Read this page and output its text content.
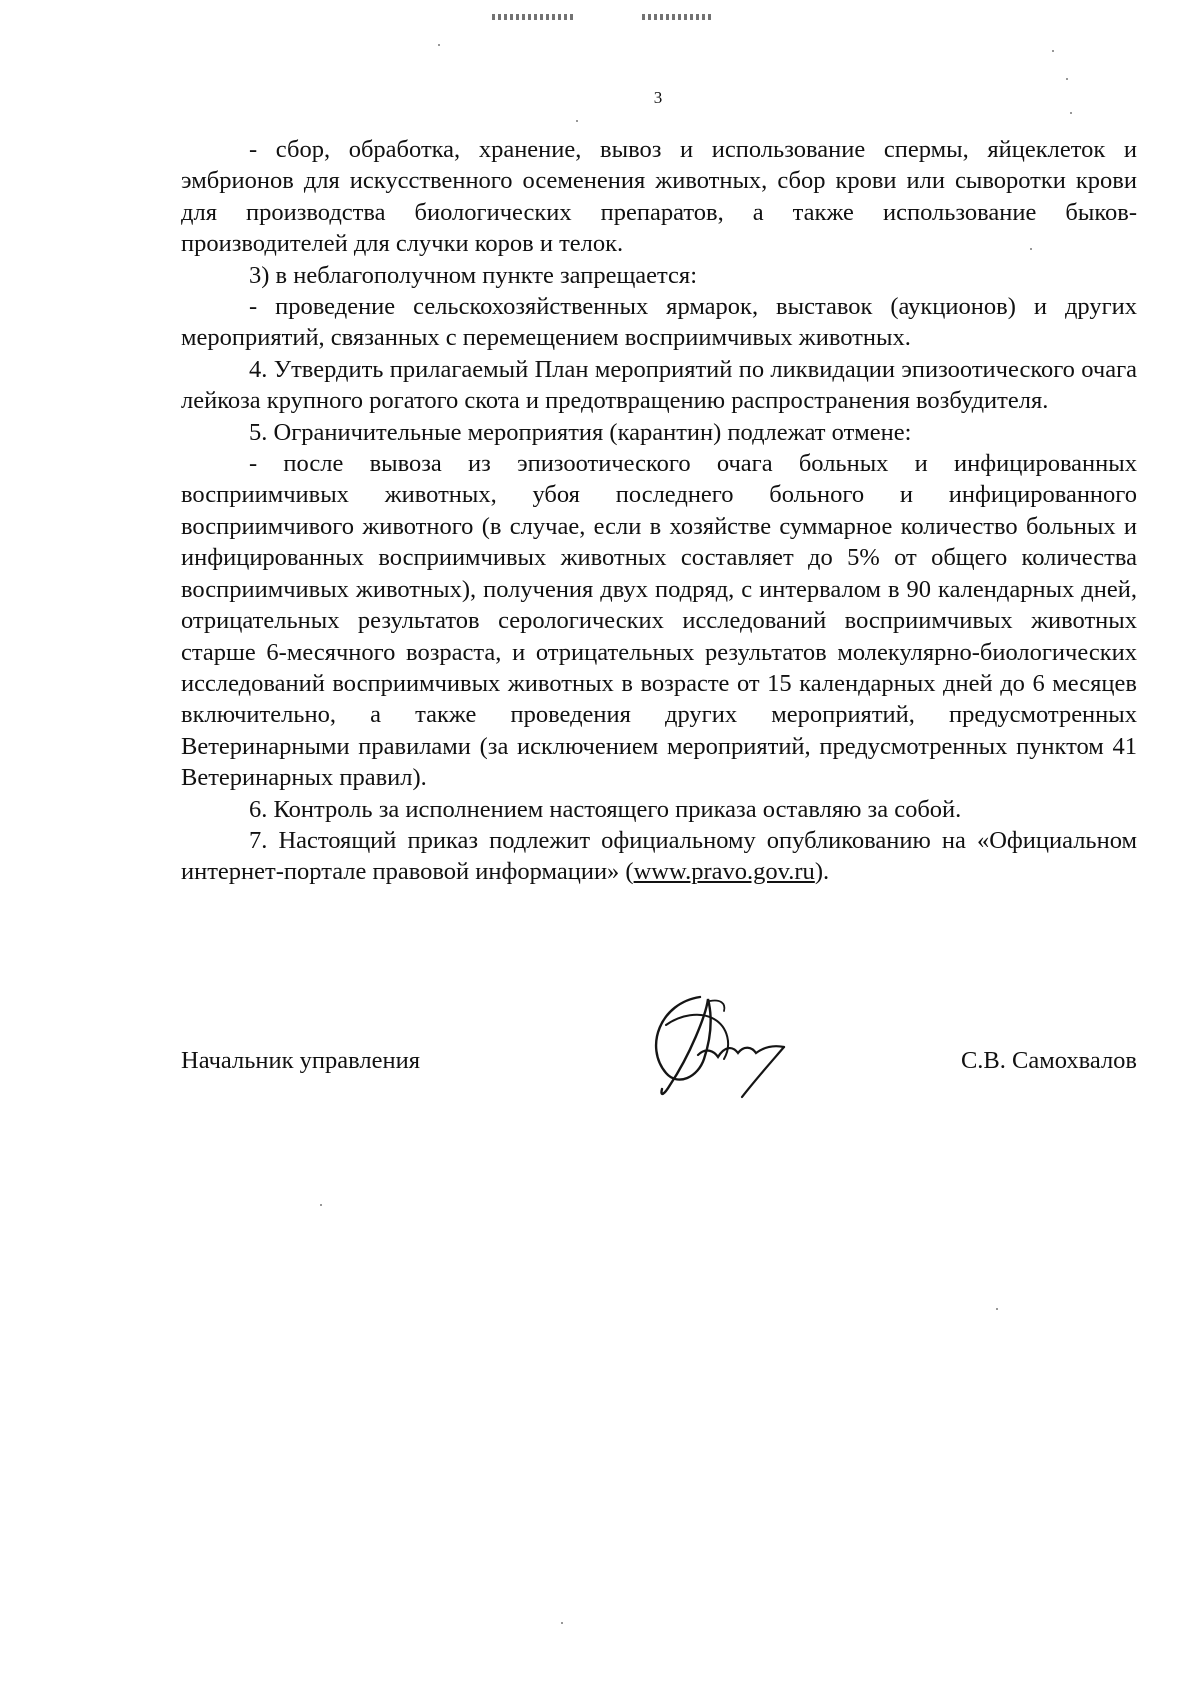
3

- сбор, обработка, хранение, вывоз и использование спермы, яйцеклеток и эмбрионов для искусственного осеменения животных, сбор крови или сыворотки крови для производства биологических препаратов, а также использование быков-производителей для случки коров и телок.

3) в неблагополучном пункте запрещается:

- проведение сельскохозяйственных ярмарок, выставок (аукционов) и других мероприятий, связанных с перемещением восприимчивых животных.

4. Утвердить прилагаемый План мероприятий по ликвидации эпизоотического очага лейкоза крупного рогатого скота и предотвращению распространения возбудителя.

5. Ограничительные мероприятия (карантин) подлежат отмене:

- после вывоза из эпизоотического очага больных и инфицированных восприимчивых животных, убоя последнего больного и инфицированного восприимчивого животного (в случае, если в хозяйстве суммарное количество больных и инфицированных восприимчивых животных составляет до 5% от общего количества восприимчивых животных), получения двух подряд, с интервалом в 90 календарных дней, отрицательных результатов серологических исследований восприимчивых животных старше 6-месячного возраста, и отрицательных результатов молекулярно-биологических исследований восприимчивых животных в возрасте от 15 календарных дней до 6 месяцев включительно, а также проведения других мероприятий, предусмотренных Ветеринарными правилами (за исключением мероприятий, предусмотренных пунктом 41 Ветеринарных правил).

6. Контроль за исполнением настоящего приказа оставляю за собой.

7. Настоящий приказ подлежит официальному опубликованию на «Официальном интернет-портале правовой информации» (www.pravo.gov.ru).

Начальник управления	С.В. Самохвалов
